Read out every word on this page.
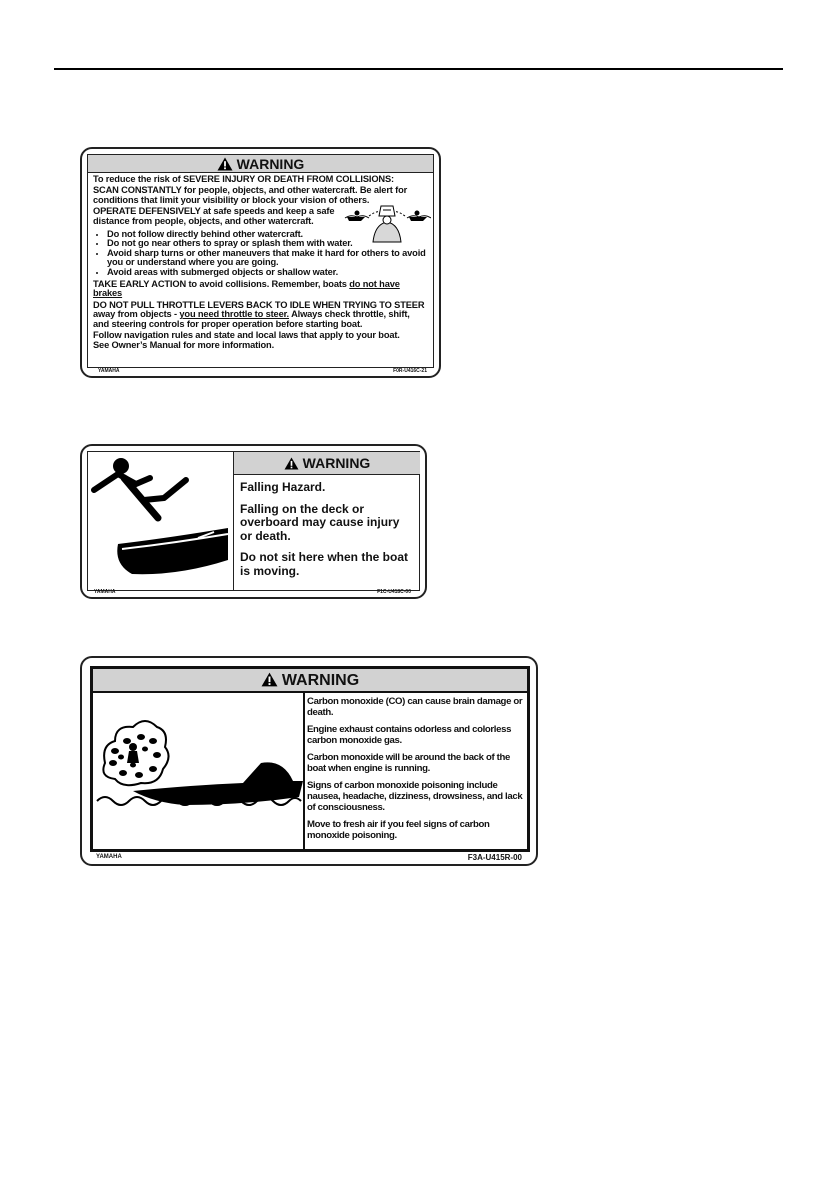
WARNING

To reduce the risk of SEVERE INJURY OR DEATH FROM COLLISIONS:

SCAN CONSTANTLY for people, objects, and other watercraft. Be alert for conditions that limit your visibility or block your vision of others.

OPERATE DEFENSIVELY at safe speeds and keep a safe

distance from people, objects, and other watercraft.

• Do not follow directly behind other watercraft.
• Do not go near others to spray or splash them with water.
• Avoid sharp turns or other maneuvers that make it hard for others to avoid you or understand where you are going.
• Avoid areas with submerged objects or shallow water.

TAKE EARLY ACTION to avoid collisions. Remember, boats do not have brakes

DO NOT PULL THROTTLE LEVERS BACK TO IDLE WHEN TRYING TO STEER away from objects - you need throttle to steer. Always check throttle, shift, and steering controls for proper operation before starting boat.

Follow navigation rules and state and local laws that apply to your boat.

See Owner’s Manual for more information.

YAMAHA	F0R-U416C-21
WARNING

Falling Hazard.

Falling on the deck or overboard may cause injury or death.

Do not sit here when the boat is moving.

YAMAHA	F1C-U418C-00
WARNING

Carbon monoxide (CO) can cause brain damage or death.

Engine exhaust contains odorless and colorless carbon monoxide gas.

Carbon monoxide will be around the back of the boat when engine is running.

Signs of carbon monoxide poisoning include nausea, headache, dizziness, drowsiness, and lack of consciousness.

Move to fresh air if you feel signs of carbon monoxide poisoning.

YAMAHA	F3A-U415R-00
